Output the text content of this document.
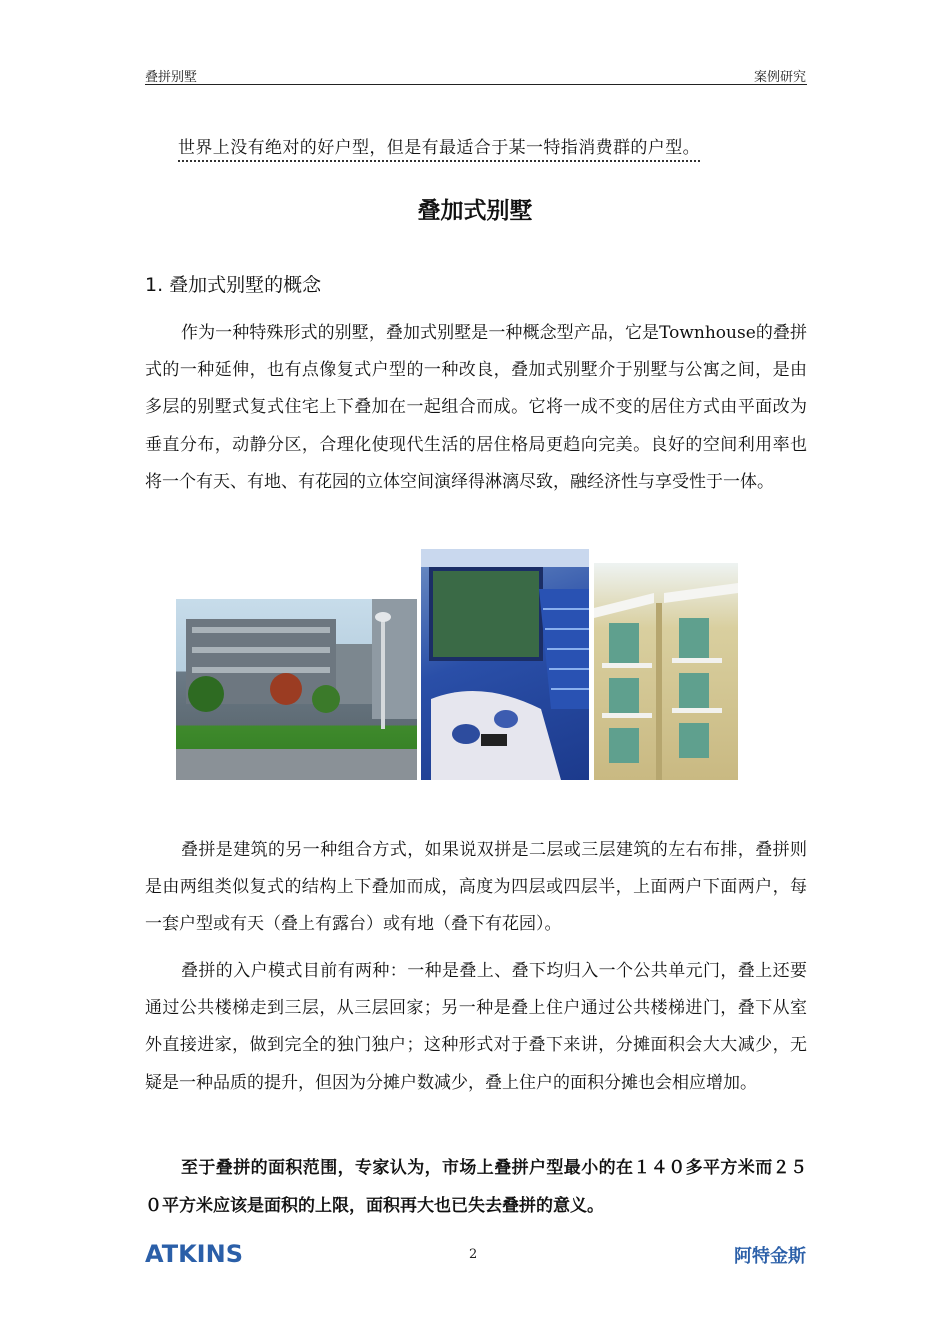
叠拼别墅	案例研究
世界上没有绝对的好户型，但是有最适合于某一特指消费群的户型。
叠加式别墅
1. 叠加式别墅的概念

作为一种特殊形式的别墅，叠加式别墅是一种概念型产品，它是Townhouse的叠拼式的一种延伸，也有点像复式户型的一种改良，叠加式别墅介于别墅与公寓之间，是由多层的别墅式复式住宅上下叠加在一起组合而成。它将一成不变的居住方式由平面改为垂直分布，动静分区，合理化使现代生活的居住格局更趋向完美。良好的空间利用率也将一个有天、有地、有花园的立体空间演绎得淋漓尽致，融经济性与享受性于一体。

叠拼是建筑的另一种组合方式，如果说双拼是二层或三层建筑的左右布排，叠拼则是由两组类似复式的结构上下叠加而成，高度为四层或四层半，上面两户下面两户，每一套户型或有天（叠上有露台）或有地（叠下有花园）。

叠拼的入户模式目前有两种：一种是叠上、叠下均归入一个公共单元门，叠上还要通过公共楼梯走到三层，从三层回家；另一种是叠上住户通过公共楼梯进门，叠下从室外直接进家，做到完全的独门独户；这种形式对于叠下来讲，分摊面积会大大减少，无疑是一种品质的提升，但因为分摊户数减少，叠上住户的面积分摊也会相应增加。

至于叠拼的面积范围，专家认为，市场上叠拼户型最小的在１４０多平方米而２５０平方米应该是面积的上限，面积再大也已失去叠拼的意义。

ATKINS	2	阿特金斯
